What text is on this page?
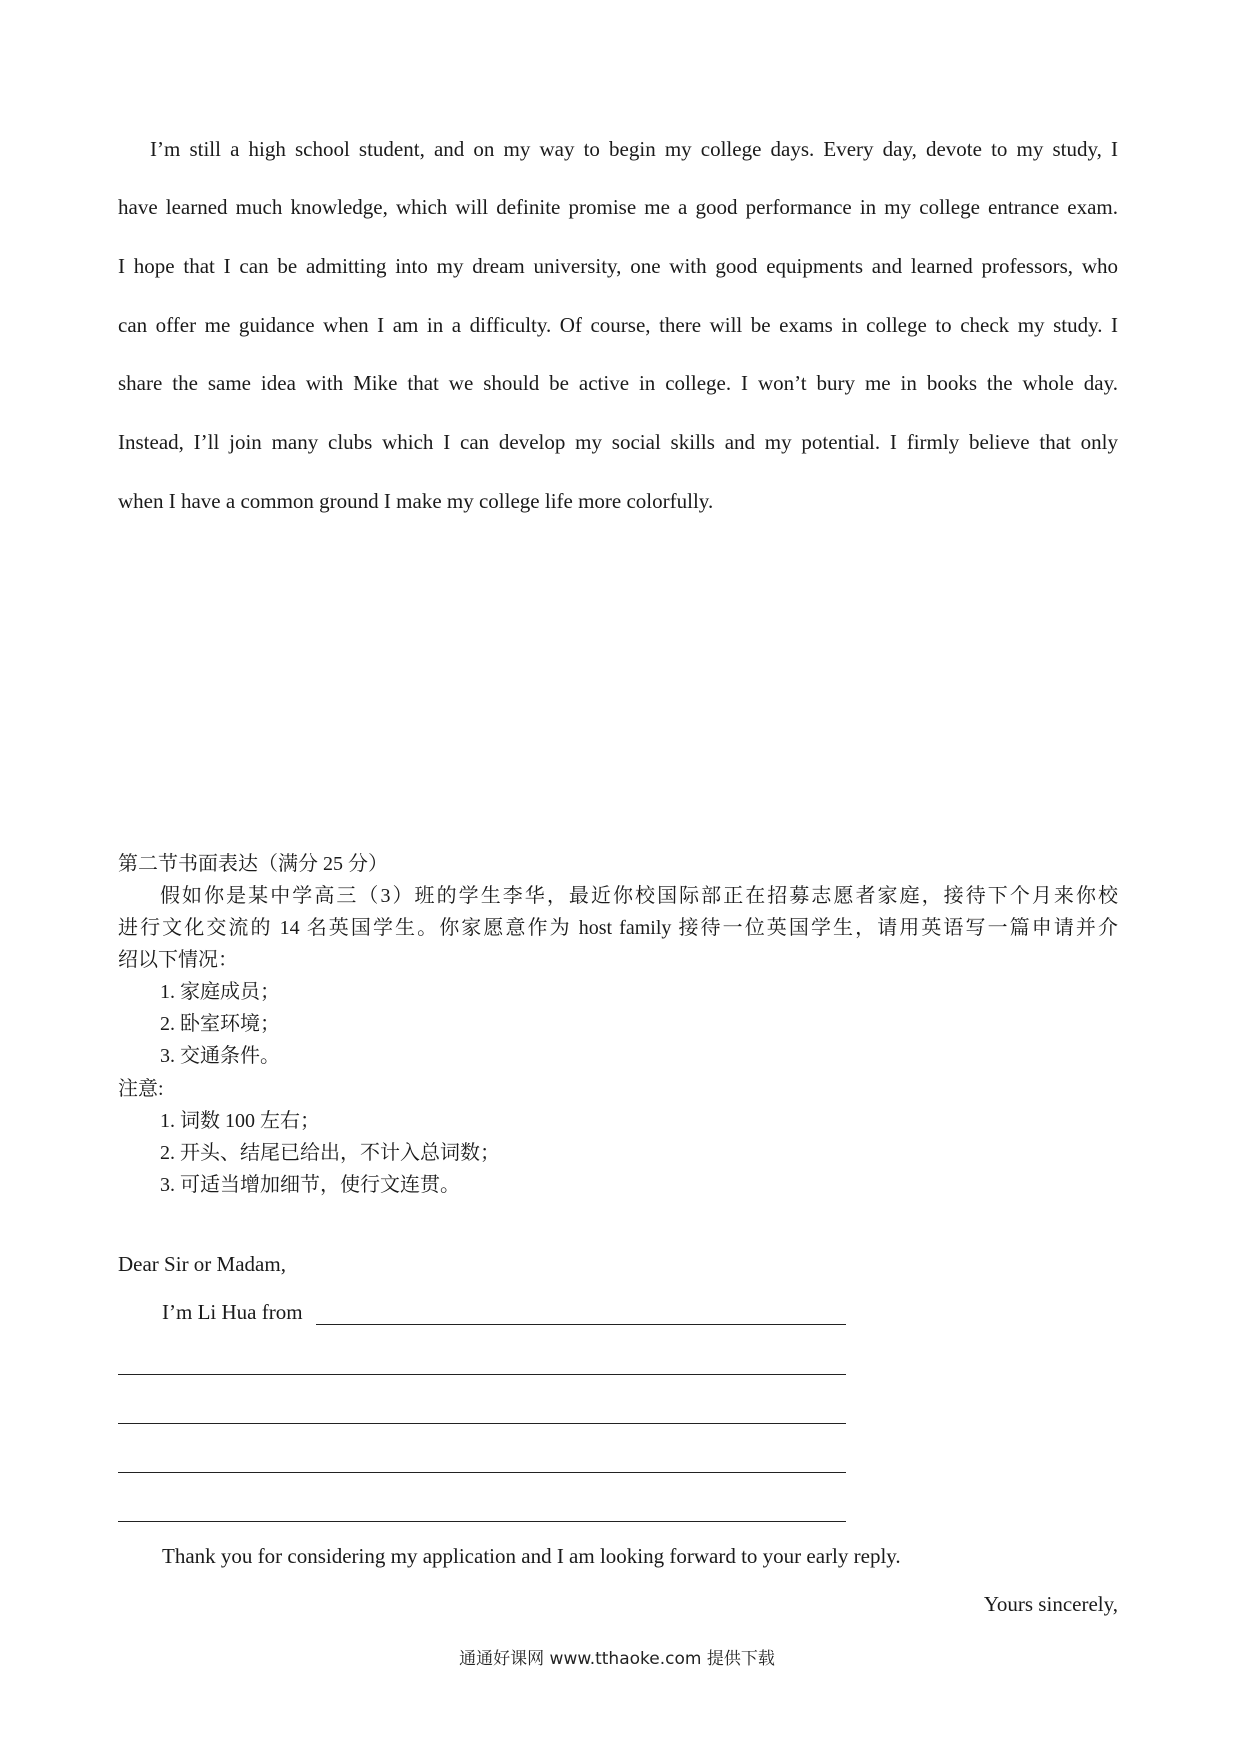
I’m still a high school student, and on my way to begin my college days. Every day, devote to my study, I
have learned much knowledge, which will definite promise me a good performance in my college entrance exam.
I hope that I can be admitting into my dream university, one with good equipments and learned professors, who
can offer me guidance when I am in a difficulty. Of course, there will be exams in college to check my study. I
share the same idea with Mike that we should be active in college. I won’t bury me in books the whole day.
Instead, I’ll join many clubs which I can develop my social skills and my potential. I firmly believe that only
when I have a common ground I make my college life more colorfully.
第二节书面表达（满分 25 分）
假如你是某中学高三（3）班的学生李华，最近你校国际部正在招募志愿者家庭，接待下个月来你校
进行文化交流的 14 名英国学生。你家愿意作为 host family 接待一位英国学生，请用英语写一篇申请并介
绍以下情况：
1. 家庭成员；
2. 卧室环境；
3. 交通条件。
注意:
1. 词数 100 左右；
2. 开头、结尾已给出，不计入总词数；
3. 可适当增加细节，使行文连贯。
Dear Sir or Madam,
I’m Li Hua from
Thank you for considering my application and I am looking forward to your early reply.
Yours sincerely,
通通好课网 www.tthaoke.com 提供下载
